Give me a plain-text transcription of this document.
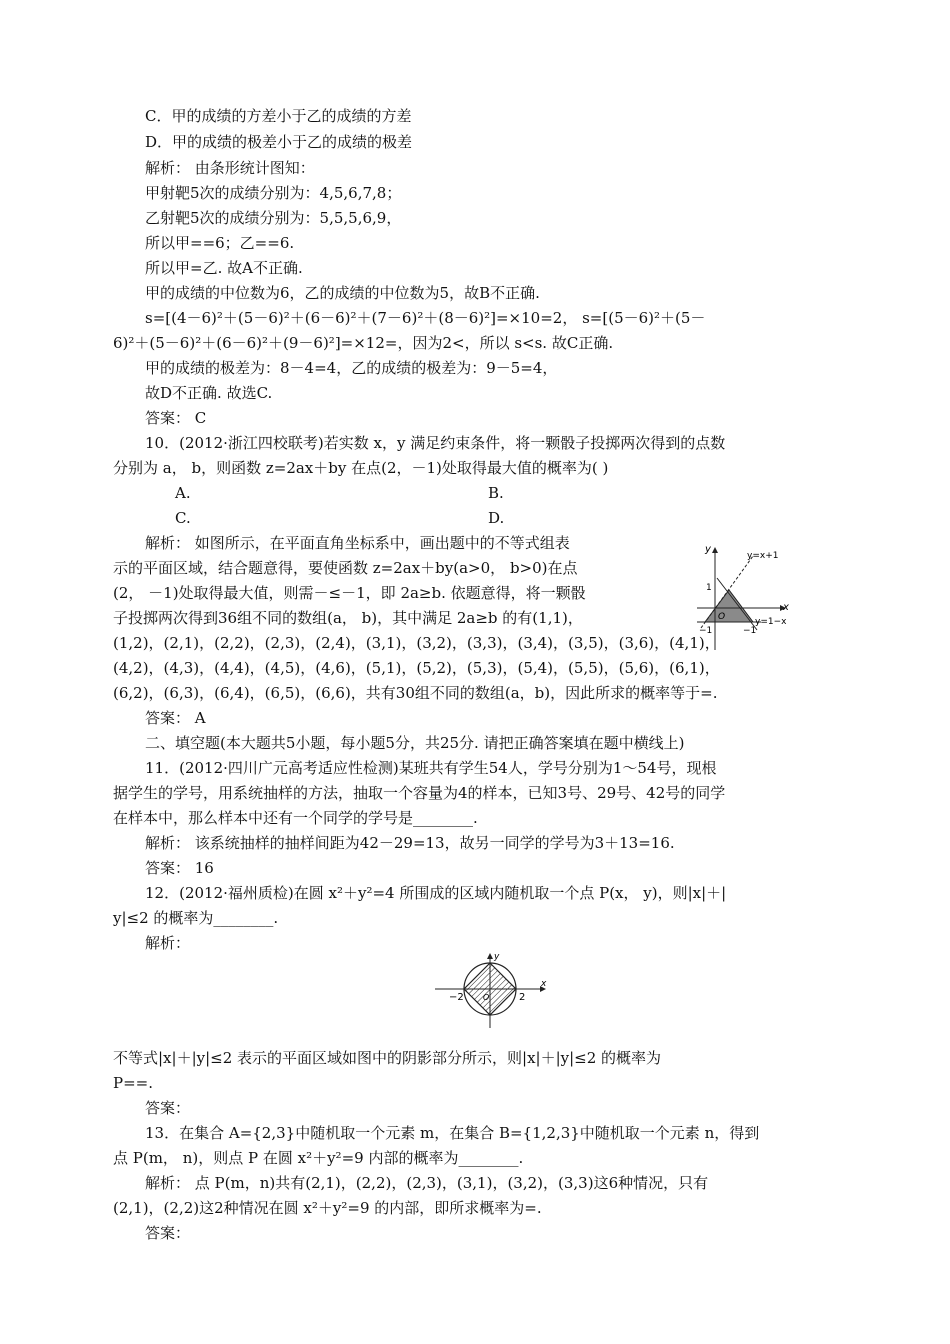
C．甲的成绩的方差小于乙的成绩的方差
D．甲的成绩的极差小于乙的成绩的极差
解析： 由条形统计图知：
甲射靶5次的成绩分别为：4,5,6,7,8；
乙射靶5次的成绩分别为：5,5,5,6,9，
所以甲==6；乙==6.
所以甲=乙. 故A不正确.
甲的成绩的中位数为6，乙的成绩的中位数为5，故B不正确.
s=[(4－6)²＋(5－6)²＋(6－6)²＋(7－6)²＋(8－6)²]=×10=2， s=[(5－6)²＋(5－
6)²＋(5－6)²＋(6－6)²＋(9－6)²]=×12=，因为2<，所以 s<s. 故C正确.
甲的成绩的极差为：8－4=4，乙的成绩的极差为：9－5=4，
故D不正确. 故选C.
答案： C
10．(2012·浙江四校联考)若实数 x，y 满足约束条件，将一颗骰子投掷两次得到的点数
分别为 a， b，则函数 z=2ax＋by 在点(2，－1)处取得最大值的概率为( )
A.	B.
C.	D.
解析： 如图所示，在平面直角坐标系中，画出题中的不等式组表
示的平面区域，结合题意得，要使函数 z=2ax＋by(a>0， b>0)在点
(2， －1)处取得最大值，则需－≤－1，即 2a≥b. 依题意得，将一颗骰
子投掷两次得到36组不同的数组(a， b)，其中满足 2a≥b 的有(1,1)，
(1,2)，(2,1)，(2,2)，(2,3)，(2,4)，(3,1)，(3,2)，(3,3)，(3,4)，(3,5)，(3,6)，(4,1)，
(4,2)，(4,3)，(4,4)，(4,5)，(4,6)，(5,1)，(5,2)，(5,3)，(5,4)，(5,5)，(5,6)，(6,1)，
(6,2)，(6,3)，(6,4)，(6,5)，(6,6)，共有30组不同的数组(a，b)，因此所求的概率等于=.
答案： A
二、填空题(本大题共5小题，每小题5分，共25分. 请把正确答案填在题中横线上)
11．(2012·四川广元高考适应性检测)某班共有学生54人，学号分别为1～54号，现根
据学生的学号，用系统抽样的方法，抽取一个容量为4的样本，已知3号、29号、42号的同学
在样本中，那么样本中还有一个同学的学号是________.
解析： 该系统抽样的抽样间距为42－29=13，故另一同学的学号为3＋13=16.
答案： 16
12．(2012·福州质检)在圆 x²＋y²=4 所围成的区域内随机取一个点 P(x， y)，则|x|＋|
y|≤2 的概率为________.
解析：
不等式|x|＋|y|≤2 表示的平面区域如图中的阴影部分所示，则|x|＋|y|≤2 的概率为
P==.
答案：
13．在集合 A={2,3}中随机取一个元素 m，在集合 B={1,2,3}中随机取一个元素 n，得到
点 P(m， n)，则点 P 在圆 x²＋y²=9 内部的概率为________.
解析： 点 P(m，n)共有(2,1)，(2,2)，(2,3)，(3,1)，(3,2)，(3,3)这6种情况，只有
(2,1)，(2,2)这2种情况在圆 x²＋y²=9 的内部，即所求概率为=.
答案：
y
x
y=x+1
y=1−x
O
1
−1	−1
y
x
−2	2
O
